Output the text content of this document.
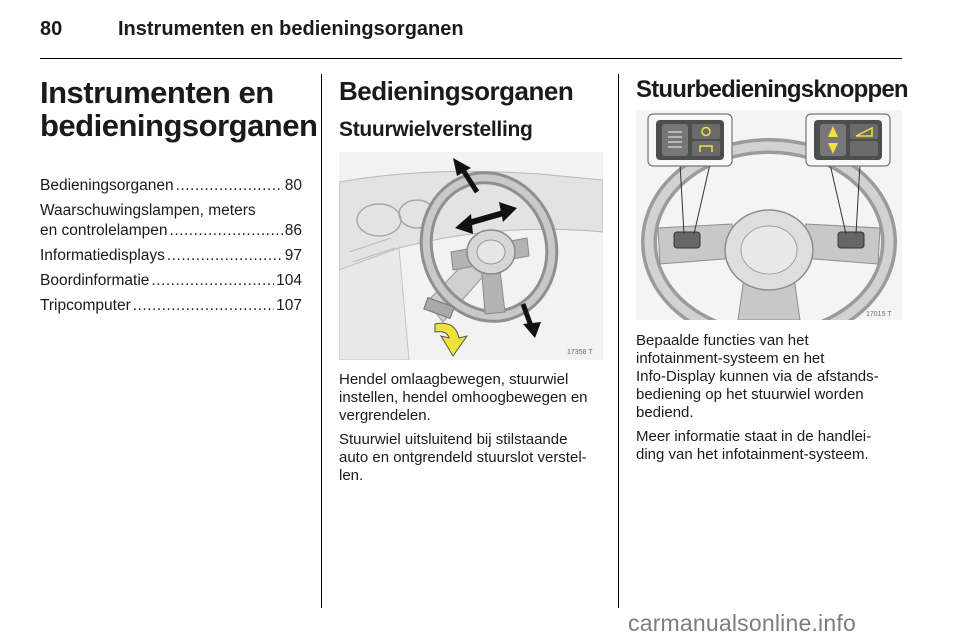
80	Instrumenten en bedieningsorganen
Instrumenten en
bedieningsorganen
Bedieningsorganen .....	80
Waarschuwingslampen, meters
en controlelampen .....	86
Informatiedisplays .....	97
Boordinformatie .....	104
Tripcomputer .....	107
Bedieningsorganen
Stuurwielverstelling
17358 T

Hendel omlaagbewegen, stuurwiel
instellen, hendel omhoogbewegen en
vergrendelen.

Stuurwiel uitsluitend bij stilstaande
auto en ontgrendeld stuurslot verstel-
len.

Stuurbedieningsknoppen
17015 T

Bepaalde functies van het
infotainment-systeem en het
Info-Display kunnen via de afstands-
bediening op het stuurwiel worden
bediend.

Meer informatie staat in de handlei-
ding van het infotainment-systeem.

carmanualsonline.info
